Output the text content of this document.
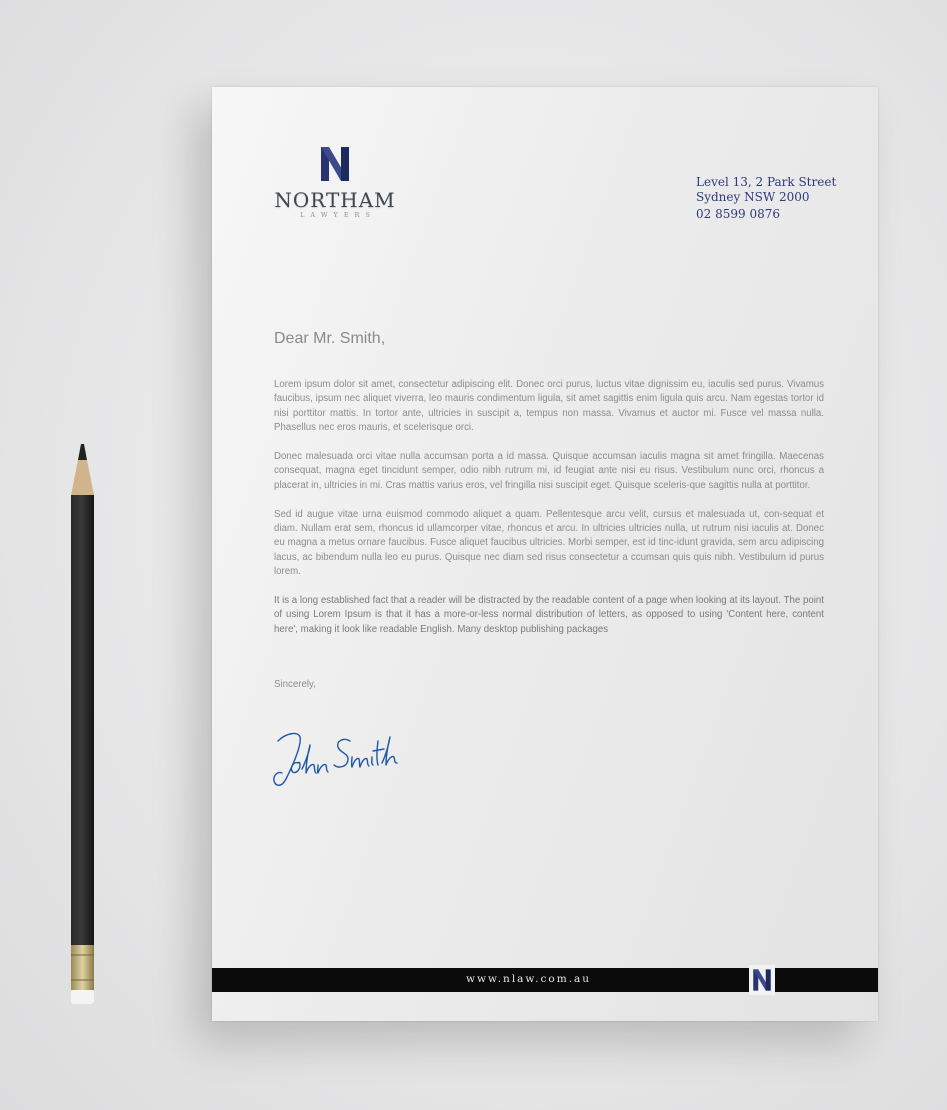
NORTHAM
LAWYERS
Level 13, 2 Park Street
Sydney NSW 2000
02 8599 0876
Dear Mr. Smith,

Lorem ipsum dolor sit amet, consectetur adipiscing elit. Donec orci purus, luctus vitae dignissim eu, iaculis sed purus. Vivamus faucibus, ipsum nec aliquet viverra, leo mauris condimentum ligula, sit amet sagittis enim ligula quis arcu. Nam egestas tortor id nisi porttitor mattis. In tortor ante, ultricies in suscipit a, tempus non massa. Vivamus et auctor mi. Fusce vel massa nulla. Phasellus nec eros mauris, et scelerisque orci.

Donec malesuada orci vitae nulla accumsan porta a id massa. Quisque accumsan iaculis magna sit amet fringilla. Maecenas consequat, magna eget tincidunt semper, odio nibh rutrum mi, id feugiat ante nisi eu risus. Vestibulum nunc orci, rhoncus a placerat in, ultricies in mi. Cras mattis varius eros, vel fringilla nisi suscipit eget. Quisque sceleris-que sagittis nulla at porttitor.

Sed id augue vitae urna euismod commodo aliquet a quam. Pellentesque arcu velit, cursus et malesuada ut, con-sequat et diam. Nullam erat sem, rhoncus id ullamcorper vitae, rhoncus et arcu. In ultricies ultricies nulla, ut rutrum nisi iaculis at. Donec eu magna a metus ornare faucibus. Fusce aliquet faucibus ultricies. Morbi semper, est id tinc-idunt gravida, sem arcu adipiscing lacus, ac bibendum nulla leo eu purus. Quisque nec diam sed risus consectetur a ccumsan quis quis nibh. Vestibulum id purus lorem.

It is a long established fact that a reader will be distracted by the readable content of a page when looking at its layout. The point of using Lorem Ipsum is that it has a more-or-less normal distribution of letters, as opposed to using 'Content here, content here', making it look like readable English. Many desktop publishing packages

Sincerely,
www.nlaw.com.au
